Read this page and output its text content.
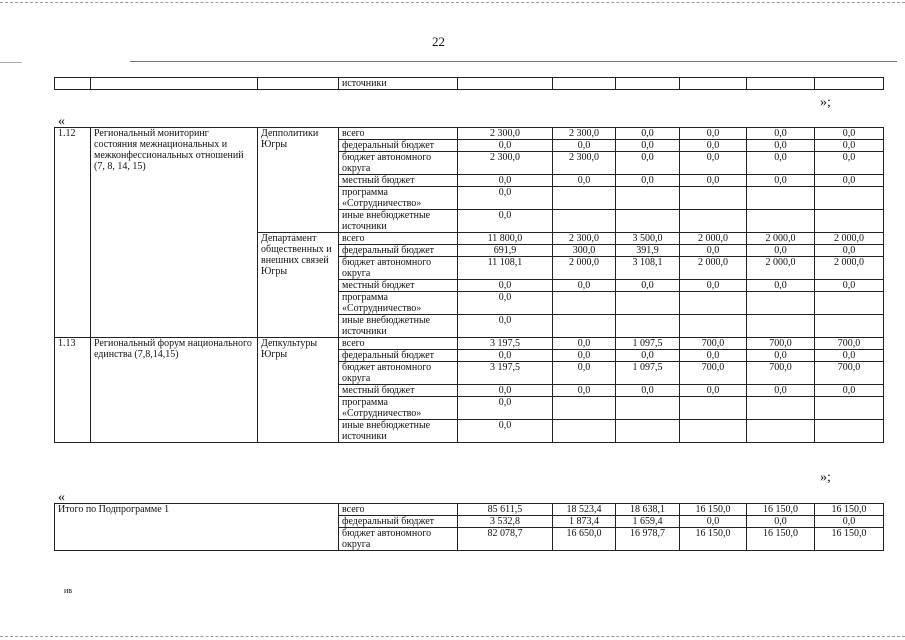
22
			источники						
»;
«
1.12	Региональный мониторинг состояния межнациональных и межконфессиональных отношений (7, 8, 14, 15)	Депполитики Югры	всего	2 300,0	2 300,0	0,0	0,0	0,0	0,0
			федеральный бюджет	0,0	0,0	0,0	0,0	0,0	0,0
			бюджет автономного округа	2 300,0	2 300,0	0,0	0,0	0,0	0,0
			местный бюджет	0,0	0,0	0,0	0,0	0,0	0,0
			программа «Сотрудничество»	0,0					
			иные внебюджетные источники	0,0					
		Департамент общественных и внешних связей Югры	всего	11 800,0	2 300,0	3 500,0	2 000,0	2 000,0	2 000,0
			федеральный бюджет	691,9	300,0	391,9	0,0	0,0	0,0
			бюджет автономного округа	11 108,1	2 000,0	3 108,1	2 000,0	2 000,0	2 000,0
			местный бюджет	0,0	0,0	0,0	0,0	0,0	0,0
			программа «Сотрудничество»	0,0					
			иные внебюджетные источники	0,0					
1.13	Региональный форум национального единства (7,8,14,15)	Депкультуры Югры	всего	3 197,5	0,0	1 097,5	700,0	700,0	700,0
			федеральный бюджет	0,0	0,0	0,0	0,0	0,0	0,0
			бюджет автономного округа	3 197,5	0,0	1 097,5	700,0	700,0	700,0
			местный бюджет	0,0	0,0	0,0	0,0	0,0	0,0
			программа «Сотрудничество»	0,0					
			иные внебюджетные источники	0,0					
»;
«
Итого по Подпрограмме 1	всего	85 611,5	18 523,4	18 638,1	16 150,0	16 150,0	16 150,0
	федеральный бюджет	3 532,8	1 873,4	1 659,4	0,0	0,0	0,0
	бюджет автономного округа	82 078,7	16 650,0	16 978,7	16 150,0	16 150,0	16 150,0
ив
